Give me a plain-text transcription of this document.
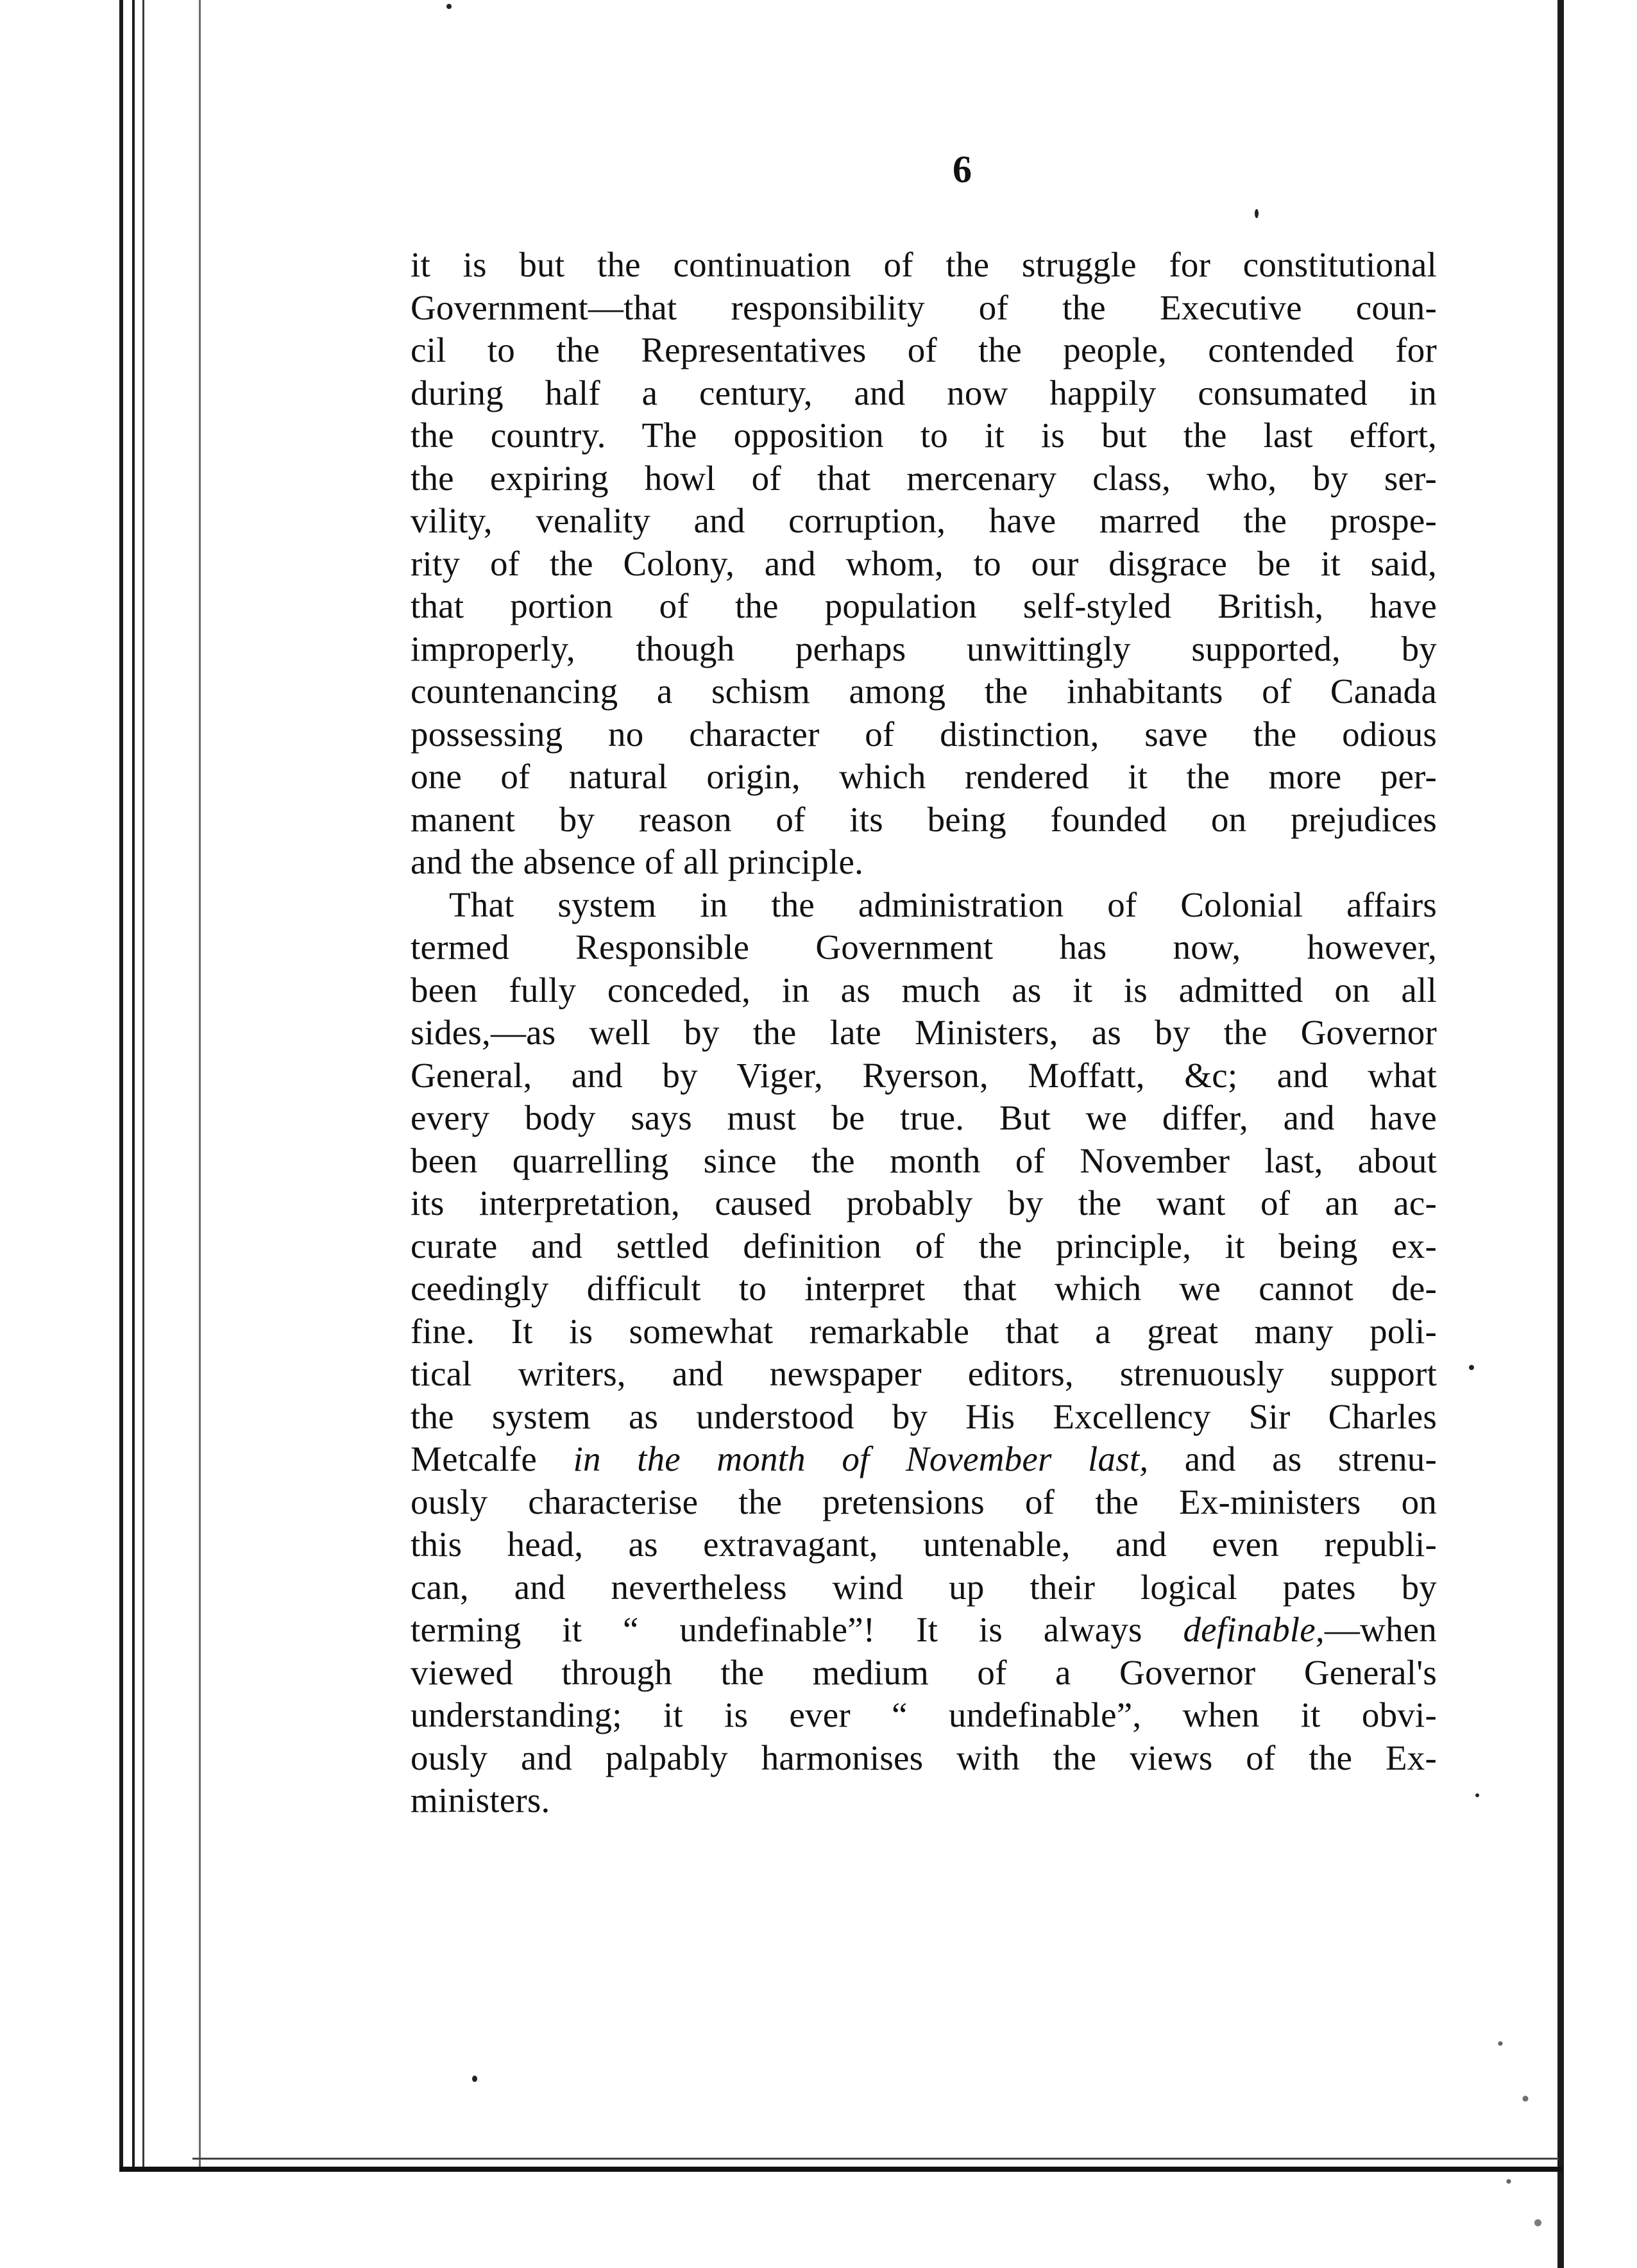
6
it is but the continuation of the struggle for constitutional
Government—that responsibility of the Executive coun-
cil to the Representatives of the people, contended for
during half a century, and now happily consumated in
the country. The opposition to it is but the last effort,
the expiring howl of that mercenary class, who, by ser-
vility, venality and corruption, have marred the prospe-
rity of the Colony, and whom, to our disgrace be it said,
that portion of the population self-styled British, have
improperly, though perhaps unwittingly supported, by
countenancing a schism among the inhabitants of Canada
possessing no character of distinction, save the odious
one of natural origin, which rendered it the more per-
manent by reason of its being founded on prejudices
and the absence of all principle.
That system in the administration of Colonial affairs
termed Responsible Government has now, however,
been fully conceded, in as much as it is admitted on all
sides,—as well by the late Ministers, as by the Governor
General, and by Viger, Ryerson, Moffatt, &c; and what
every body says must be true. But we differ, and have
been quarrelling since the month of November last, about
its interpretation, caused probably by the want of an ac-
curate and settled definition of the principle, it being ex-
ceedingly difficult to interpret that which we cannot de-
fine. It is somewhat remarkable that a great many poli-
tical writers, and newspaper editors, strenuously support
the system as understood by His Excellency Sir Charles
Metcalfe in the month of November last, and as strenu-
ously characterise the pretensions of the Ex-ministers on
this head, as extravagant, untenable, and even republi-
can, and nevertheless wind up their logical pates by
terming it “ undefinable”! It is always definable,—when
viewed through the medium of a Governor General's
understanding; it is ever “ undefinable”, when it obvi-
ously and palpably harmonises with the views of the Ex-
ministers.
